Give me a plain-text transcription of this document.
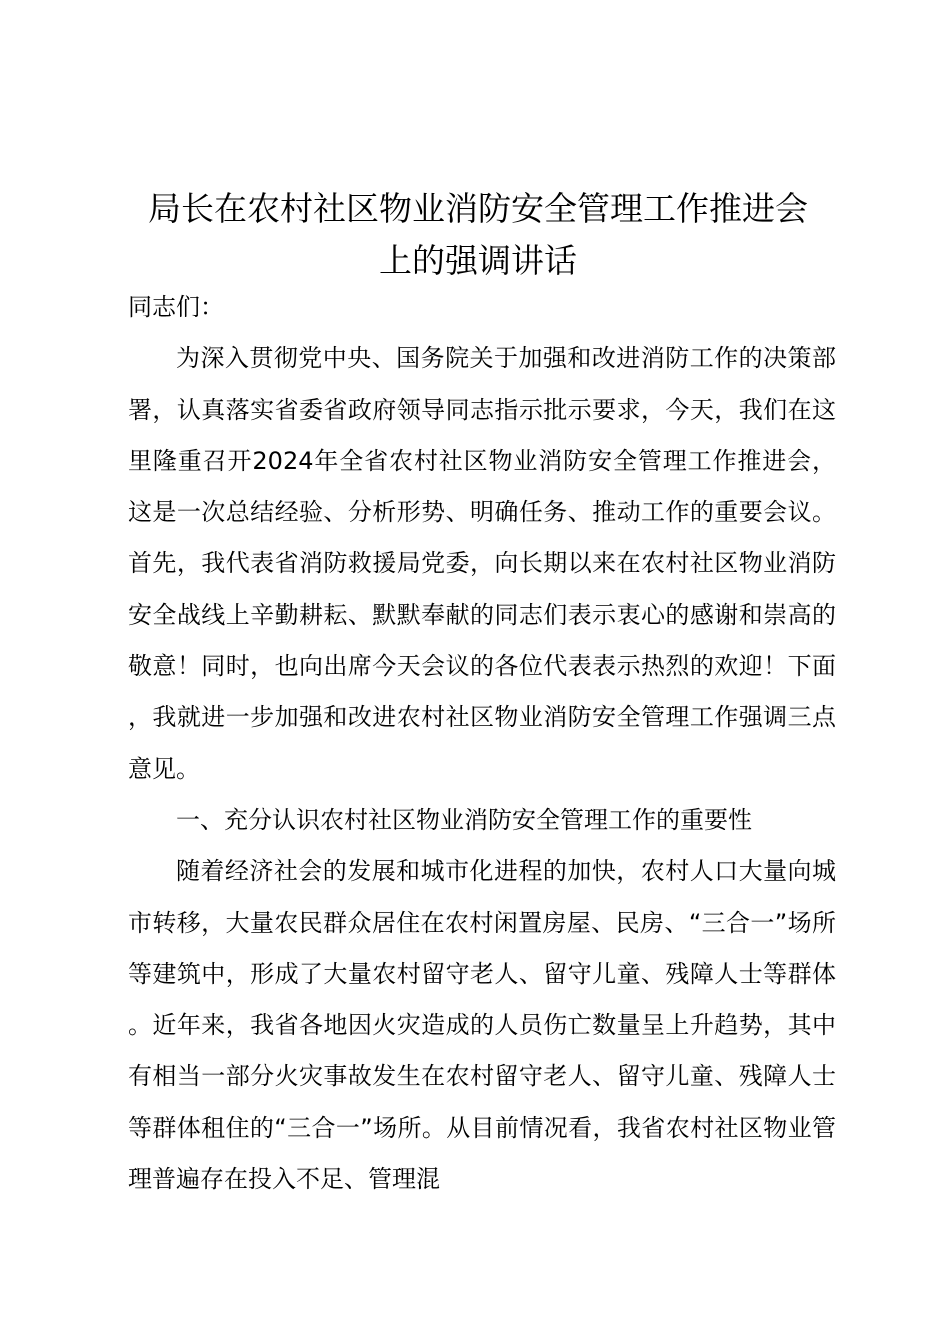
局长在农村社区物业消防安全管理工作推进会
上的强调讲话

同志们：

为深入贯彻党中央、国务院关于加强和改进消防工作的决策部署，认真落实省委省政府领导同志指示批示要求，今天，我们在这里隆重召开2024年全省农村社区物业消防安全管理工作推进会，这是一次总结经验、分析形势、明确任务、推动工作的重要会议。首先，我代表省消防救援局党委，向长期以来在农村社区物业消防安全战线上辛勤耕耘、默默奉献的同志们表示衷心的感谢和崇高的敬意！同时，也向出席今天会议的各位代表表示热烈的欢迎！下面，我就进一步加强和改进农村社区物业消防安全管理工作强调三点意见。

一、充分认识农村社区物业消防安全管理工作的重要性

随着经济社会的发展和城市化进程的加快，农村人口大量向城市转移，大量农民群众居住在农村闲置房屋、民房、“三合一”场所等建筑中，形成了大量农村留守老人、留守儿童、残障人士等群体。近年来，我省各地因火灾造成的人员伤亡数量呈上升趋势，其中有相当一部分火灾事故发生在农村留守老人、留守儿童、残障人士等群体租住的“三合一”场所。从目前情况看，我省农村社区物业管理普遍存在投入不足、管理混
